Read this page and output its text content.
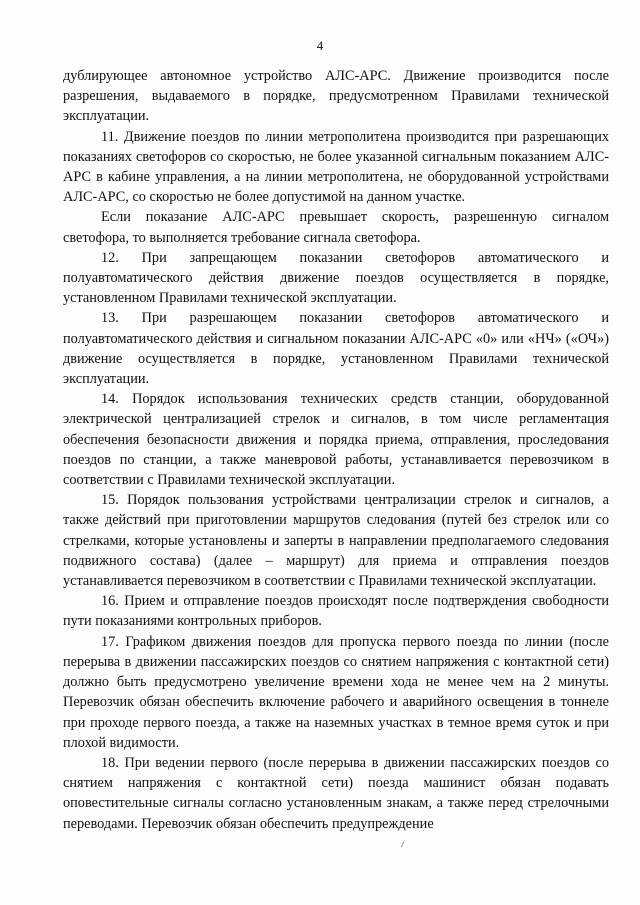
4

дублирующее автономное устройство АЛС-АРС. Движение производится после разрешения, выдаваемого в порядке, предусмотренном Правилами технической эксплуатации.

11. Движение поездов по линии метрополитена производится при разрешающих показаниях светофоров со скоростью, не более указанной сигнальным показанием АЛС-АРС в кабине управления, а на линии метрополитена, не оборудованной устройствами АЛС-АРС, со скоростью не более допустимой на данном участке.

Если показание АЛС-АРС превышает скорость, разрешенную сигналом светофора, то выполняется требование сигнала светофора.

12. При запрещающем показании светофоров автоматического и полуавтоматического действия движение поездов осуществляется в порядке, установленном Правилами технической эксплуатации.

13. При разрешающем показании светофоров автоматического и полуавтоматического действия и сигнальном показании АЛС-АРС «0» или «НЧ» («ОЧ») движение осуществляется в порядке, установленном Правилами технической эксплуатации.

14. Порядок использования технических средств станции, оборудованной электрической централизацией стрелок и сигналов, в том числе регламентация обеспечения безопасности движения и порядка приема, отправления, проследования поездов по станции, а также маневровой работы, устанавливается перевозчиком в соответствии с Правилами технической эксплуатации.

15. Порядок пользования устройствами централизации стрелок и сигналов, а также действий при приготовлении маршрутов следования (путей без стрелок или со стрелками, которые установлены и заперты в направлении предполагаемого следования подвижного состава) (далее – маршрут) для приема и отправления поездов устанавливается перевозчиком в соответствии с Правилами технической эксплуатации.

16. Прием и отправление поездов происходят после подтверждения свободности пути показаниями контрольных приборов.

17. Графиком движения поездов для пропуска первого поезда по линии (после перерыва в движении пассажирских поездов со снятием напряжения с контактной сети) должно быть предусмотрено увеличение времени хода не менее чем на 2 минуты. Перевозчик обязан обеспечить включение рабочего и аварийного освещения в тоннеле при проходе первого поезда, а также на наземных участках в темное время суток и при плохой видимости.

18. При ведении первого (после перерыва в движении пассажирских поездов со снятием напряжения с контактной сети) поезда машинист обязан подавать оповестительные сигналы согласно установленным знакам, а также перед стрелочными переводами. Перевозчик обязан обеспечить предупреждение
